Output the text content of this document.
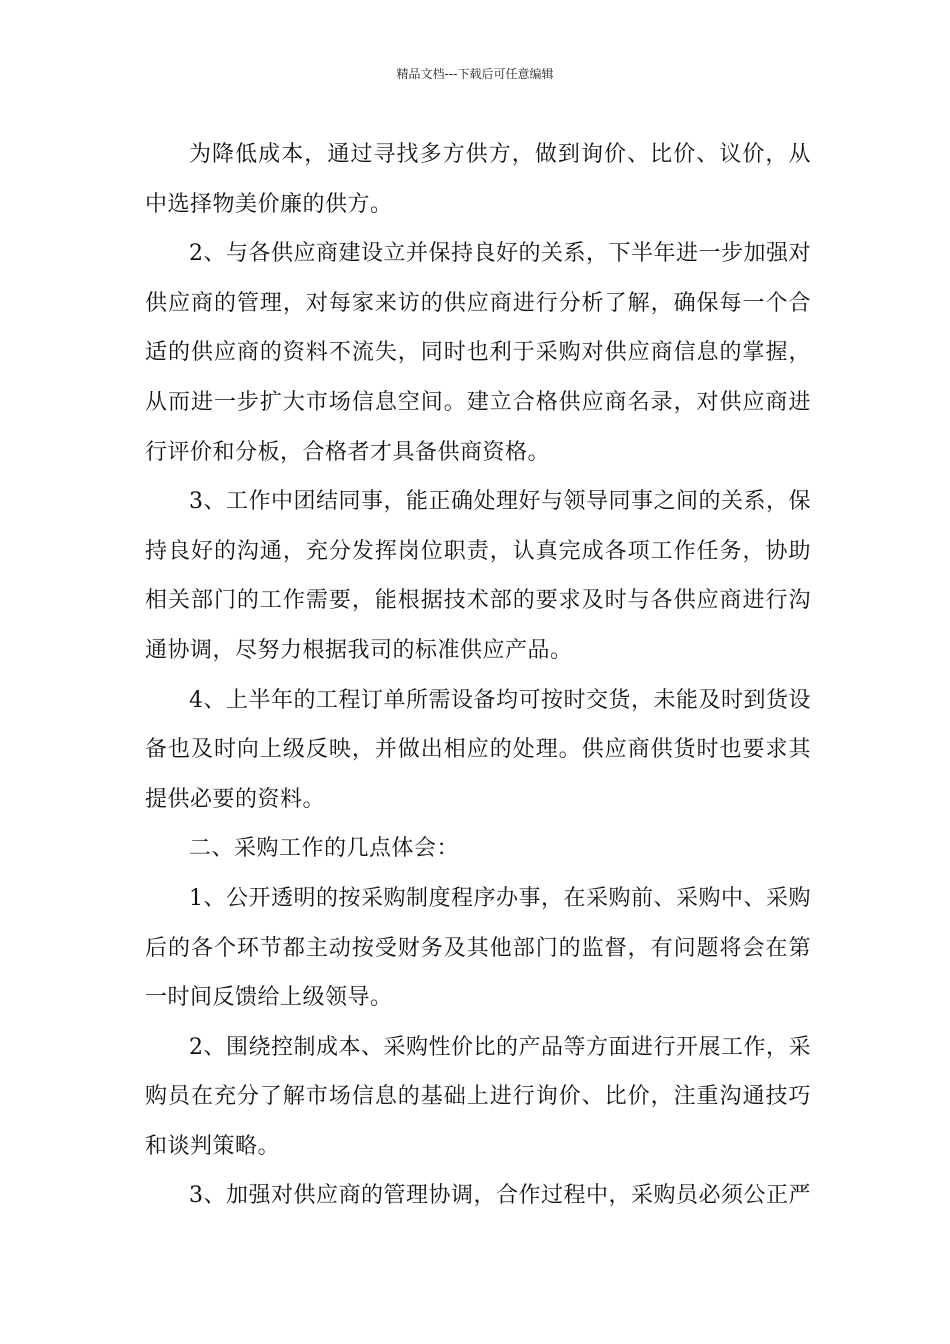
精品文档---下载后可任意编辑

为降低成本，通过寻找多方供方，做到询价、比价、议价，从中选择物美价廉的供方。

2、与各供应商建设立并保持良好的关系，下半年进一步加强对供应商的管理，对每家来访的供应商进行分析了解，确保每一个合适的供应商的资料不流失，同时也利于采购对供应商信息的掌握，从而进一步扩大市场信息空间。建立合格供应商名录，对供应商进行评价和分板，合格者才具备供商资格。

3、工作中团结同事，能正确处理好与领导同事之间的关系，保持良好的沟通，充分发挥岗位职责，认真完成各项工作任务，协助相关部门的工作需要，能根据技术部的要求及时与各供应商进行沟通协调，尽努力根据我司的标准供应产品。

4、上半年的工程订单所需设备均可按时交货，未能及时到货设备也及时向上级反映，并做出相应的处理。供应商供货时也要求其提供必要的资料。

二、采购工作的几点体会：

1、公开透明的按采购制度程序办事，在采购前、采购中、采购后的各个环节都主动按受财务及其他部门的监督，有问题将会在第一时间反馈给上级领导。

2、围绕控制成本、采购性价比的产品等方面进行开展工作，采购员在充分了解市场信息的基础上进行询价、比价，注重沟通技巧和谈判策略。

3、加强对供应商的管理协调，合作过程中，采购员必须公正严
